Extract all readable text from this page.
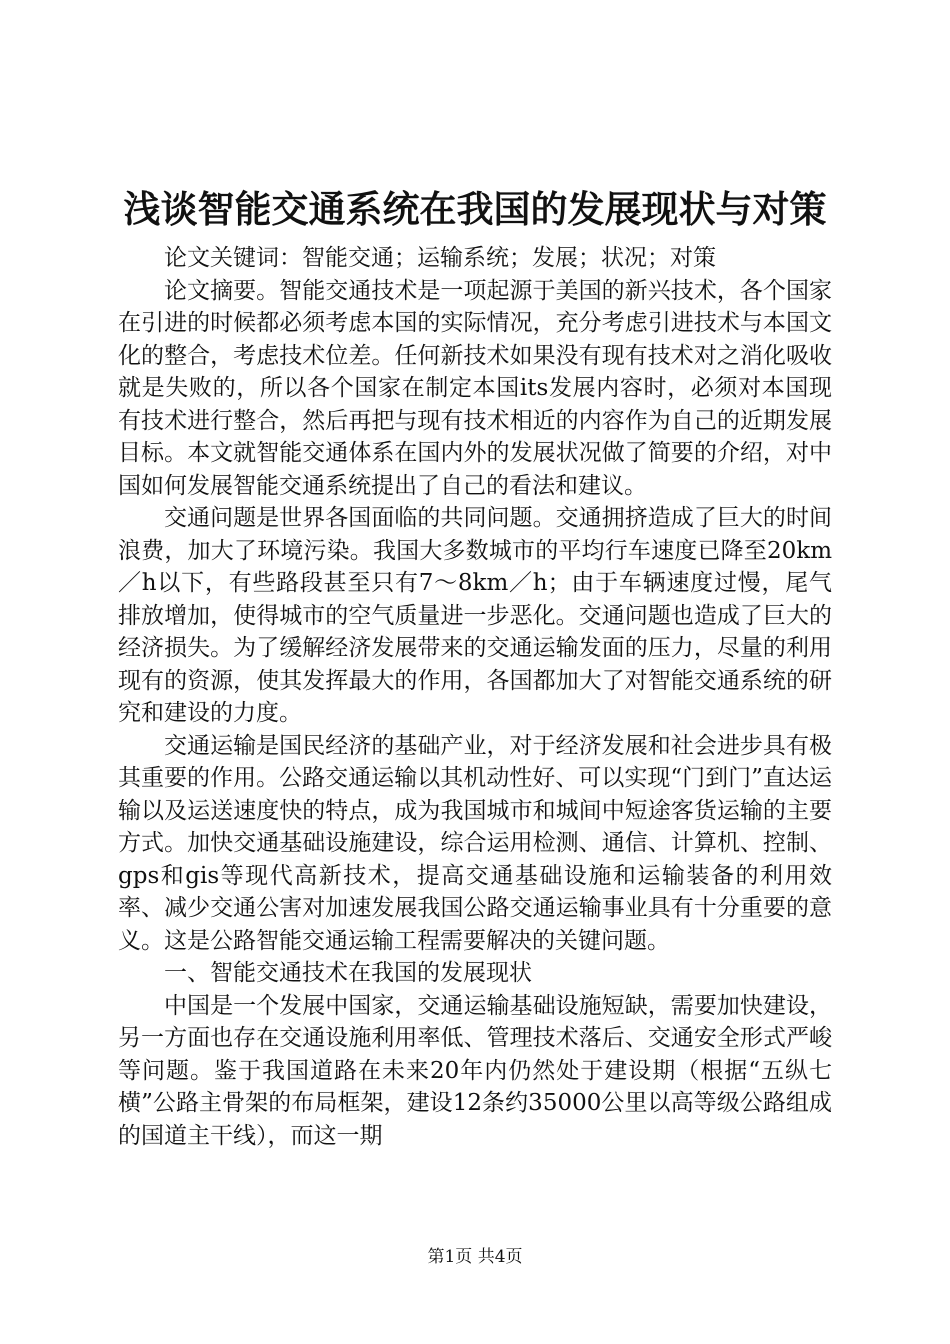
浅谈智能交通系统在我国的发展现状与对策

论文关键词：智能交通；运输系统；发展；状况；对策

论文摘要。智能交通技术是一项起源于美国的新兴技术，各个国家在引进的时候都必须考虑本国的实际情况，充分考虑引进技术与本国文化的整合，考虑技术位差。任何新技术如果没有现有技术对之消化吸收就是失败的，所以各个国家在制定本国its发展内容时，必须对本国现有技术进行整合，然后再把与现有技术相近的内容作为自己的近期发展目标。本文就智能交通体系在国内外的发展状况做了简要的介绍，对中国如何发展智能交通系统提出了自己的看法和建议。

交通问题是世界各国面临的共同问题。交通拥挤造成了巨大的时间浪费，加大了环境污染。我国大多数城市的平均行车速度已降至20km／h以下，有些路段甚至只有7～8km／h；由于车辆速度过慢，尾气排放增加，使得城市的空气质量进一步恶化。交通问题也造成了巨大的经济损失。为了缓解经济发展带来的交通运输发面的压力，尽量的利用现有的资源，使其发挥最大的作用，各国都加大了对智能交通系统的研究和建设的力度。

交通运输是国民经济的基础产业，对于经济发展和社会进步具有极其重要的作用。公路交通运输以其机动性好、可以实现“门到门”直达运输以及运送速度快的特点，成为我国城市和城间中短途客货运输的主要方式。加快交通基础设施建设，综合运用检测、通信、计算机、控制、gps和gis等现代高新技术，提高交通基础设施和运输装备的利用效率、减少交通公害对加速发展我国公路交通运输事业具有十分重要的意义。这是公路智能交通运输工程需要解决的关键问题。

一、智能交通技术在我国的发展现状

中国是一个发展中国家，交通运输基础设施短缺，需要加快建设，另一方面也存在交通设施利用率低、管理技术落后、交通安全形式严峻等问题。鉴于我国道路在未来20年内仍然处于建设期（根据“五纵七横”公路主骨架的布局框架，建设12条约35000公里以高等级公路组成的国道主干线），而这一期

第1页 共4页
